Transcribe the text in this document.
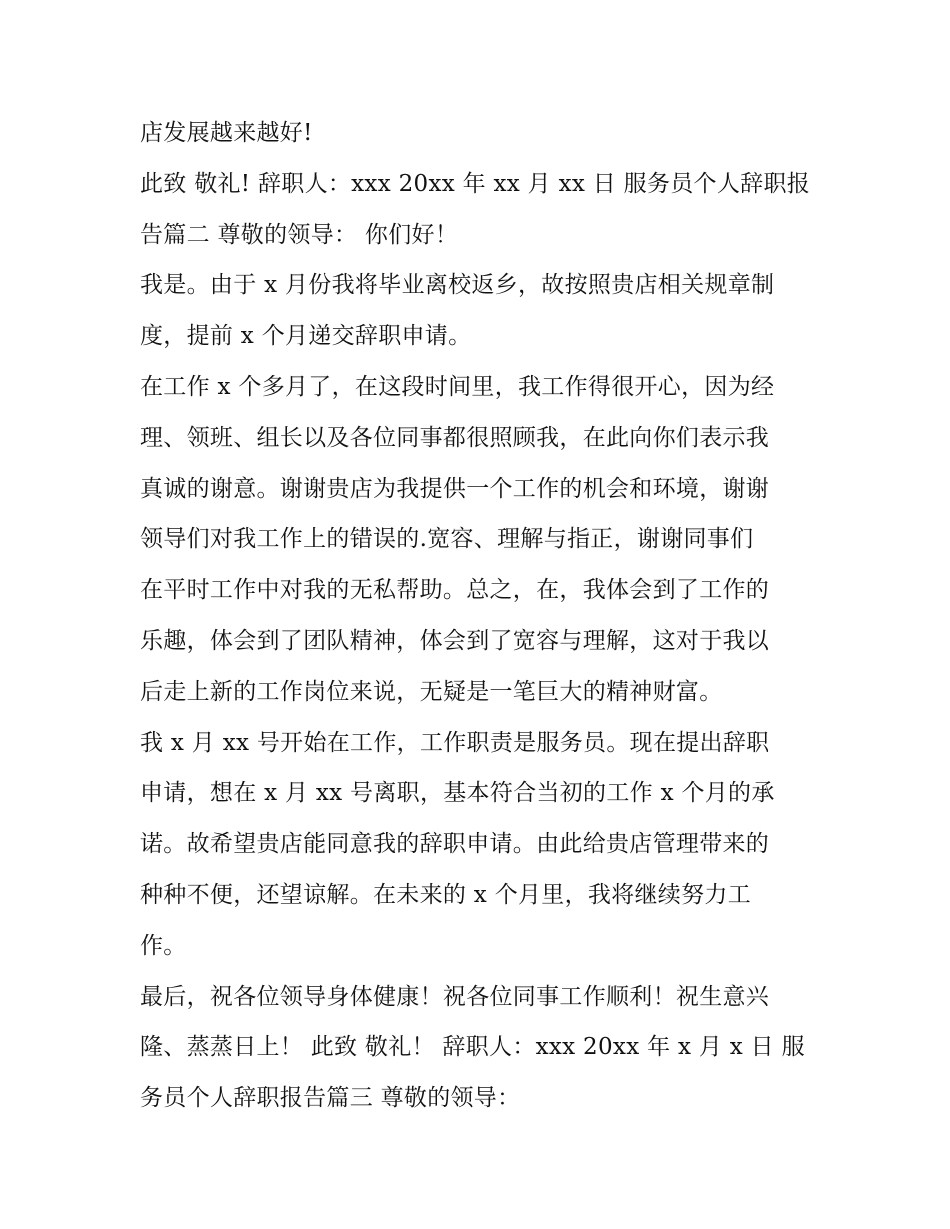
店发展越来越好!
此致 敬礼! 辞职人：xxx 20xx 年 xx 月 xx 日 服务员个人辞职报
告篇二 尊敬的领导： 你们好！
我是。由于 x 月份我将毕业离校返乡，故按照贵店相关规章制
度，提前 x 个月递交辞职申请。
在工作 x 个多月了，在这段时间里，我工作得很开心，因为经
理、领班、组长以及各位同事都很照顾我，在此向你们表示我
真诚的谢意。谢谢贵店为我提供一个工作的机会和环境，谢谢
领导们对我工作上的错误的.宽容、理解与指正，谢谢同事们
在平时工作中对我的无私帮助。总之，在，我体会到了工作的
乐趣，体会到了团队精神，体会到了宽容与理解，这对于我以
后走上新的工作岗位来说，无疑是一笔巨大的精神财富。
我 x 月 xx 号开始在工作，工作职责是服务员。现在提出辞职
申请，想在 x 月 xx 号离职，基本符合当初的工作 x 个月的承
诺。故希望贵店能同意我的辞职申请。由此给贵店管理带来的
种种不便，还望谅解。在未来的 x 个月里，我将继续努力工
作。
最后，祝各位领导身体健康！祝各位同事工作顺利！祝生意兴
隆、蒸蒸日上！ 此致 敬礼！ 辞职人：xxx 20xx 年 x 月 x 日 服
务员个人辞职报告篇三 尊敬的领导：
